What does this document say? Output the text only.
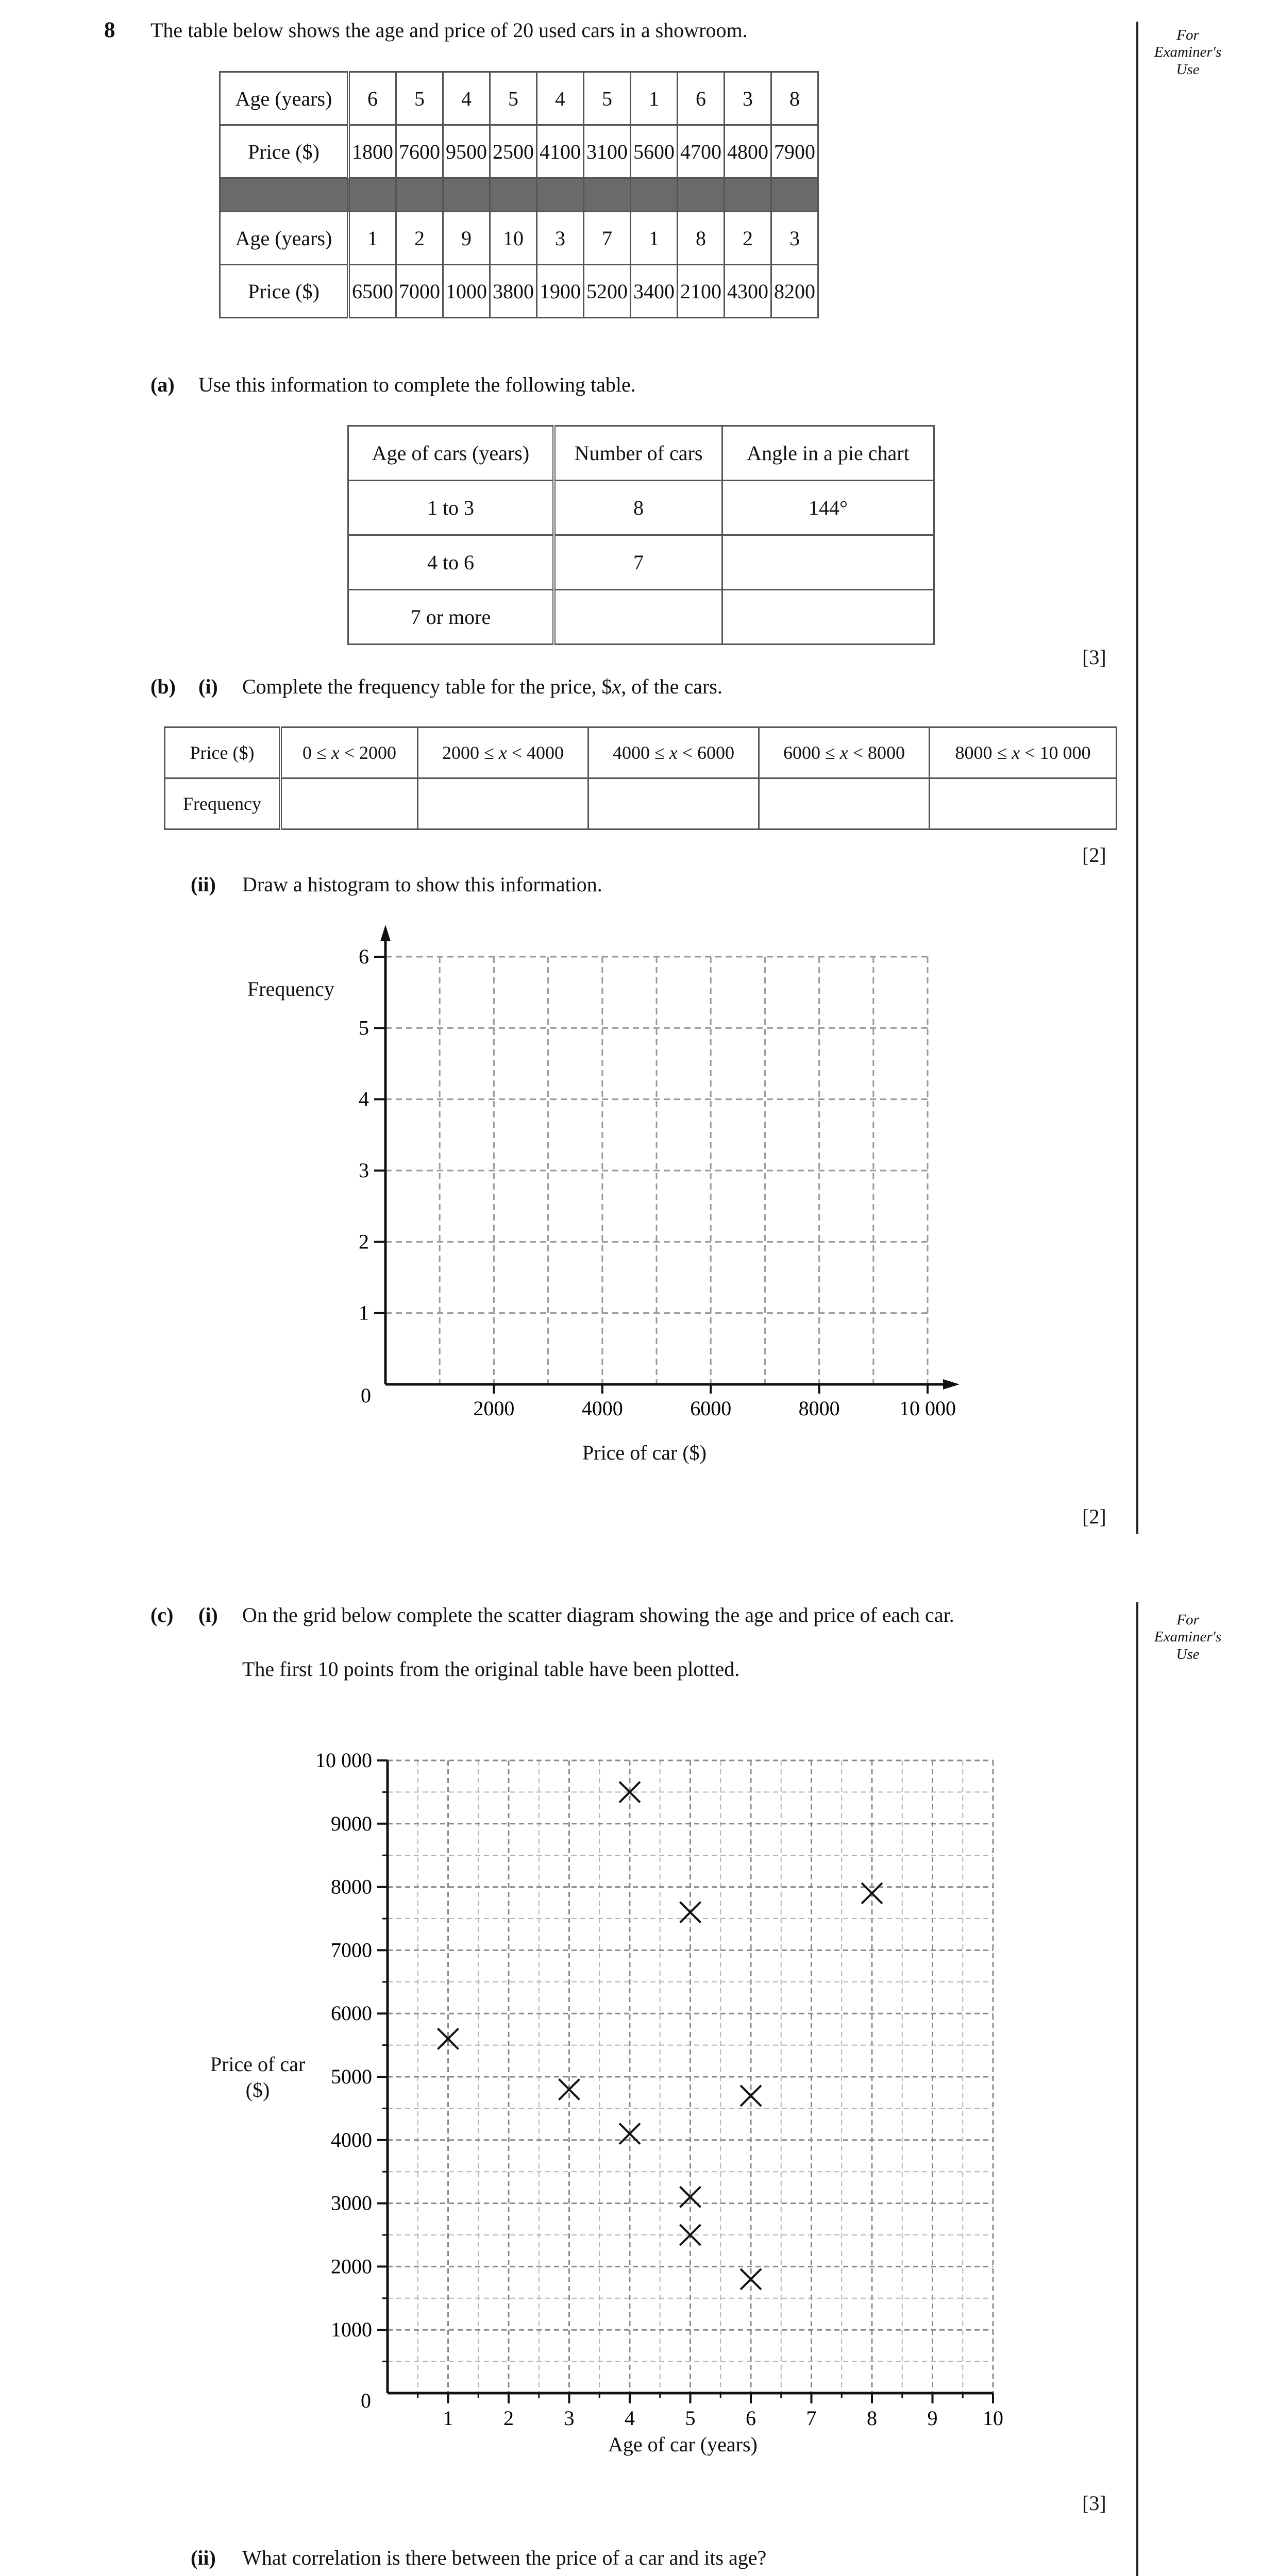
For
Examiner's
Use
For
Examiner's
Use
8 The table below shows the age and price of 20 used cars in a showroom.
Age (years)	6	5	4	5	4	5	1	6	3	8
Price ($)	1800	7600	9500	2500	4100	3100	5600	4700	4800	7900

Age (years)	1	2	9	10	3	7	1	8	2	3
Price ($)	6500	7000	1000	3800	1900	5200	3400	2100	4300	8200
(a) Use this information to complete the following table.
Age of cars (years)	Number of cars	Angle in a pie chart
1 to 3	8	144°
4 to 6	7	
7 or more		
[3]
(b) (i) Complete the frequency table for the price, $x, of the cars.
Price ($)	0 ≤ x < 2000	2000 ≤ x < 4000	4000 ≤ x < 6000	6000 ≤ x < 8000	8000 ≤ x < 10 000
Frequency					
[2]
(ii) Draw a histogram to show this information.
1
2
3
4
5
6
2000	4000	6000	8000	10 000
0
Frequency
Price of car ($)
[2]
(c) (i) On the grid below complete the scatter diagram showing the age and price of each car.
The first 10 points from the original table have been plotted.
1000
2000
3000
4000
5000
6000
7000
8000
9000
10 000
1 2 3 4 5 6 7 8 9 10
0
Price of car
($)
Age of car (years)
[3]
(ii) What correlation is there between the price of a car and its age?
